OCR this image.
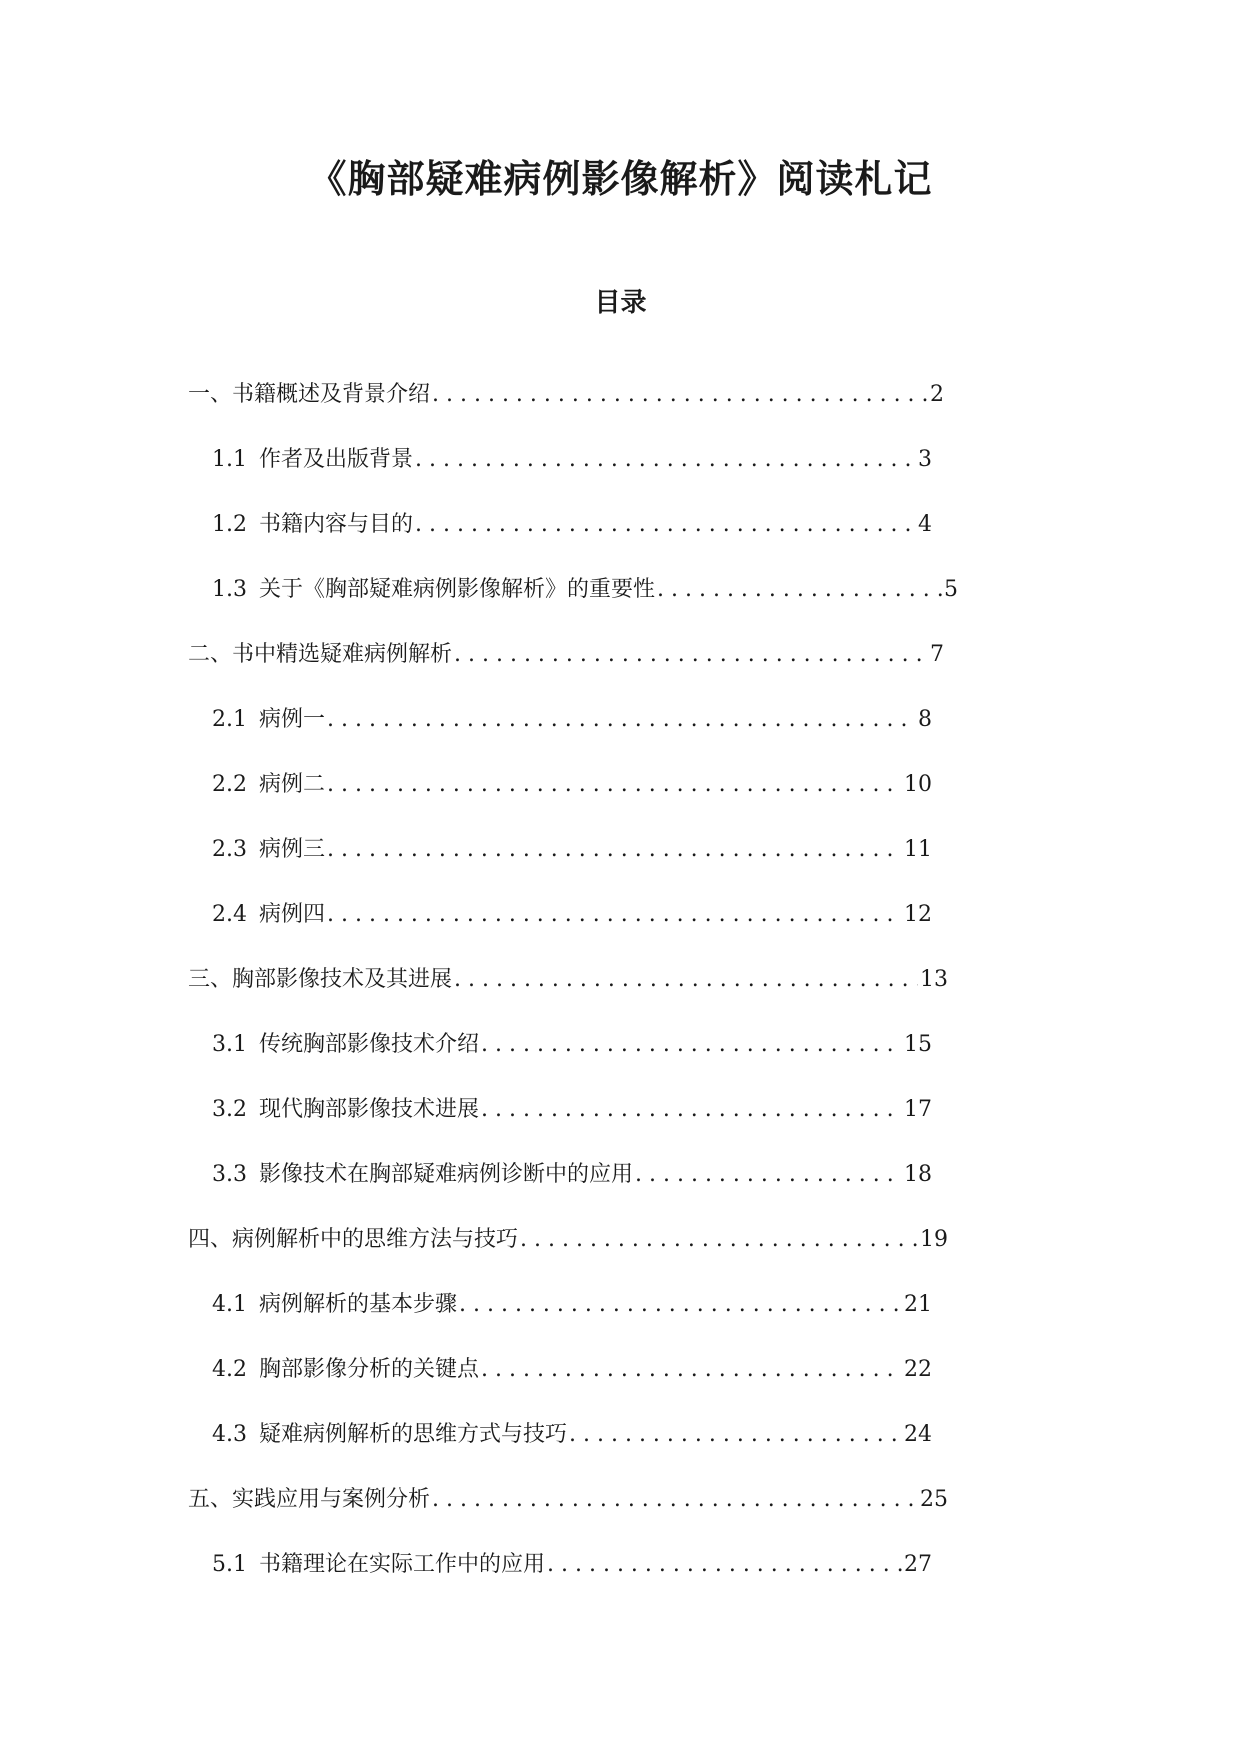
《胸部疑难病例影像解析》阅读札记
目录
一、书籍概述及背景介绍 . . .	2
1.1 作者及出版背景 . . .	3
1.2 书籍内容与目的 . . .	4
1.3 关于《胸部疑难病例影像解析》的重要性 . . .	5
二、书中精选疑难病例解析 . . .	7
2.1 病例一 . . .	8
2.2 病例二 . . .	10
2.3 病例三 . . .	11
2.4 病例四 . . .	12
三、胸部影像技术及其进展 . . .	13
3.1 传统胸部影像技术介绍 . . .	15
3.2 现代胸部影像技术进展 . . .	17
3.3 影像技术在胸部疑难病例诊断中的应用 . . .	18
四、病例解析中的思维方法与技巧 . . .	19
4.1 病例解析的基本步骤 . . .	21
4.2 胸部影像分析的关键点 . . .	22
4.3 疑难病例解析的思维方式与技巧 . . .	24
五、实践应用与案例分析 . . .	25
5.1 书籍理论在实际工作中的应用 . . .	27
